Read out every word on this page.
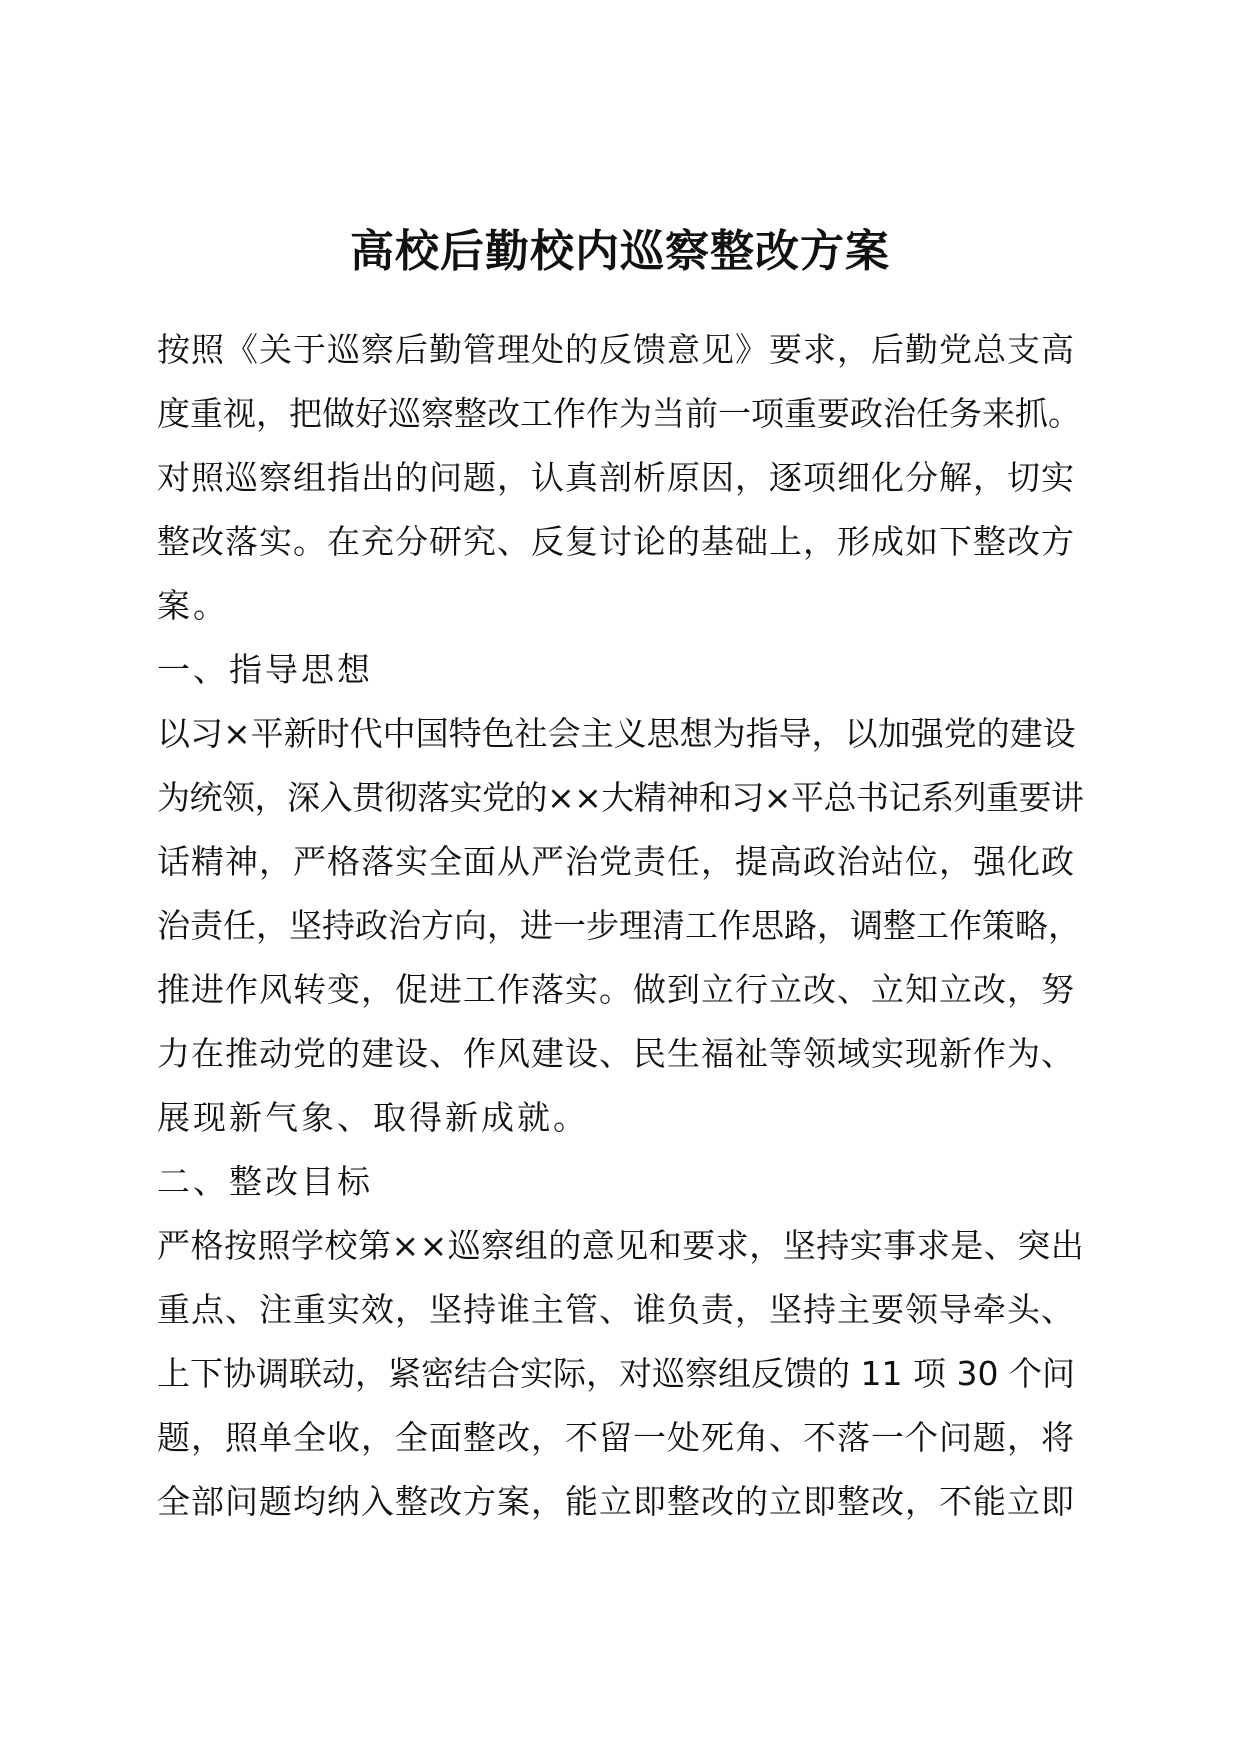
高校后勤校内巡察整改方案
按照《关于巡察后勤管理处的反馈意见》要求，后勤党总支高
度重视，把做好巡察整改工作作为当前一项重要政治任务来抓。
对照巡察组指出的问题，认真剖析原因，逐项细化分解，切实
整改落实。在充分研究、反复讨论的基础上，形成如下整改方
案。
一、指导思想
以习×平新时代中国特色社会主义思想为指导，以加强党的建设
为统领，深入贯彻落实党的××大精神和习×平总书记系列重要讲
话精神，严格落实全面从严治党责任，提高政治站位，强化政
治责任，坚持政治方向，进一步理清工作思路，调整工作策略，
推进作风转变，促进工作落实。做到立行立改、立知立改，努
力在推动党的建设、作风建设、民生福祉等领域实现新作为、
展现新气象、取得新成就。
二、整改目标
严格按照学校第××巡察组的意见和要求，坚持实事求是、突出
重点、注重实效，坚持谁主管、谁负责，坚持主要领导牵头、
上下协调联动，紧密结合实际，对巡察组反馈的 11 项 30 个问
题，照单全收，全面整改，不留一处死角、不落一个问题，将
全部问题均纳入整改方案，能立即整改的立即整改，不能立即
